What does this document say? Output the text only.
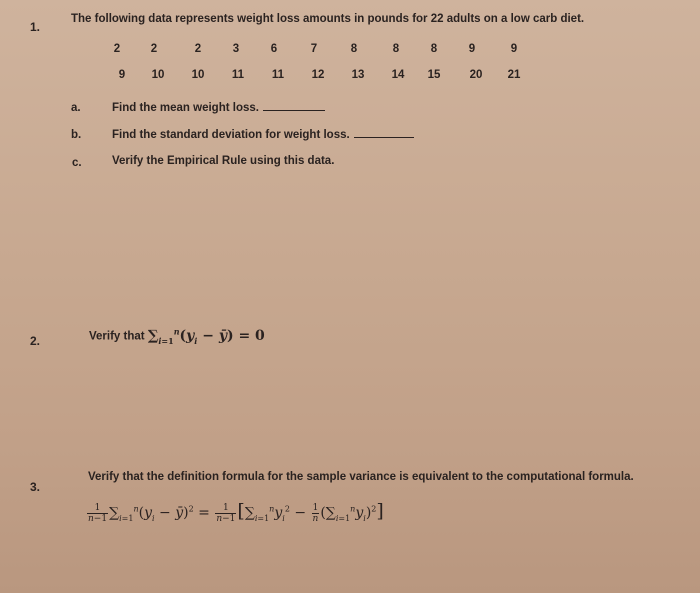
1.
The following data represents weight loss amounts in pounds for 22 adults on a low carb diet.
a.	Find the mean weight loss.
b.	Find the standard deviation for weight loss.
c.	Verify the Empirical Rule using this data.
2.	Verify that $\sum_{i=1}^n(y_i$ − ȳ) = 0
3.
Verify that the definition formula for the sample variance is equivalent to the computational formula.
$\frac{1}{n-1} \sum_{i=1}^n(y_i$ − ȳ)$^2$ = $\frac{1}{n-1} [\sum_{i=1}^ny_i^2 - \frac{1}{n} (\sum_{i=1}^ny_i)^2]$
2	2	2	3	6	7	8	8	8	9	9
9	10	10	11	11	12	13	14	15	20	21
